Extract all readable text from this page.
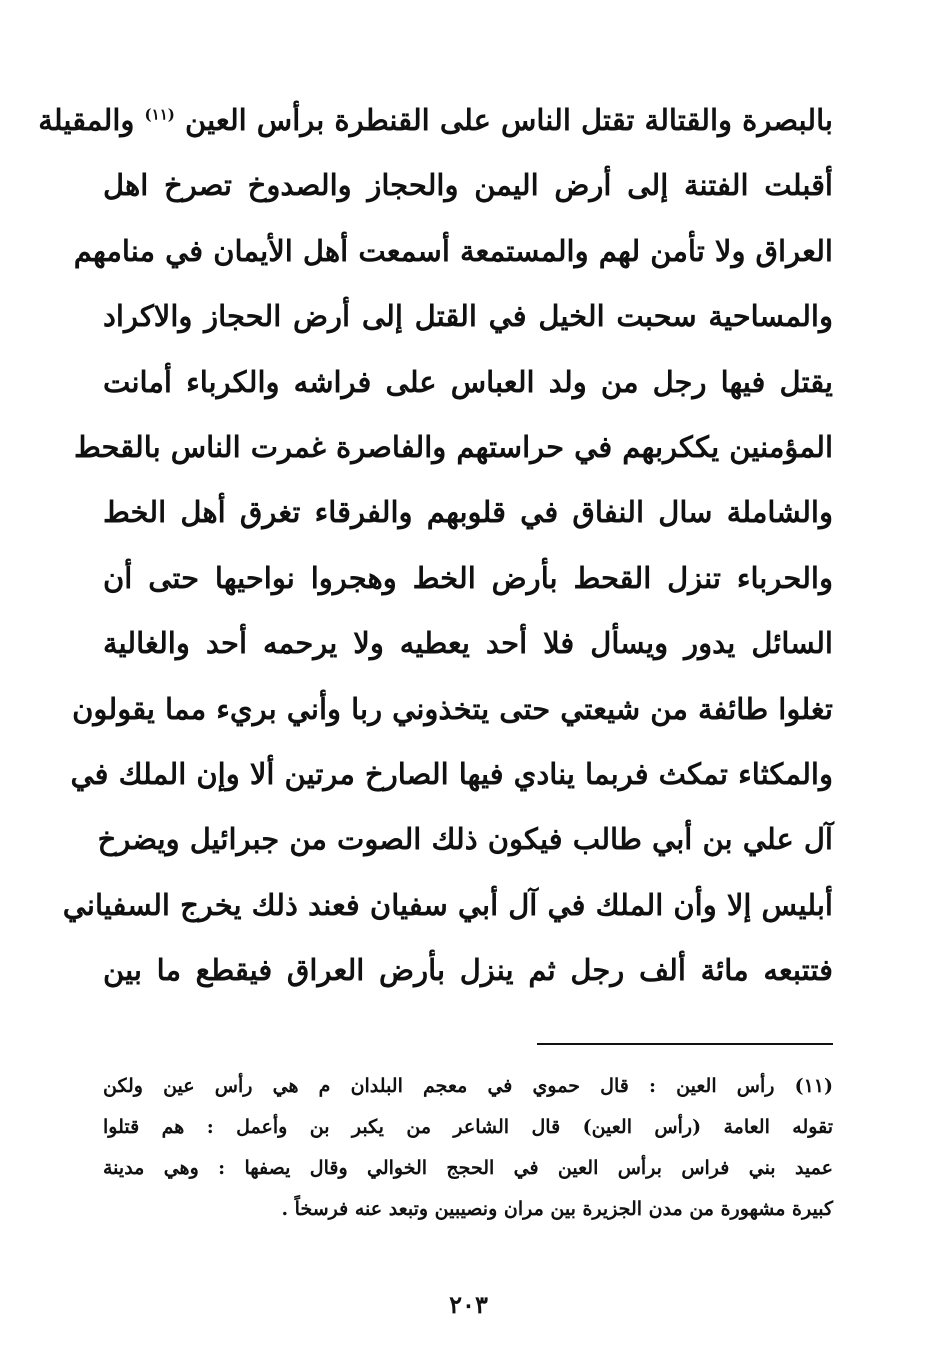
بالبصرة والقتالة تقتل الناس على القنطرة برأس العين $^{(١١)}$ والمقيلة
أقبلت الفتنة إلى أرض اليمن والحجاز والصدوخ تصرخ اهل
العراق ولا تأمن لهم والمستمعة أسمعت أهل الأيمان في منامهم
والمساحية سحبت الخيل في القتل إلى أرض الحجاز والاكراد
يقتل فيها رجل من ولد العباس على فراشه والكرباء أمانت
المؤمنين يككربهم في حراستهم والفاصرة غمرت الناس بالقحط
والشاملة سال النفاق في قلوبهم والفرقاء تغرق أهل الخط
والحرباء تنزل القحط بأرض الخط وهجروا نواحيها حتى أن
السائل يدور ويسأل فلا أحد يعطيه ولا يرحمه أحد والغالية
تغلوا طائفة من شيعتي حتى يتخذوني ربا وأني بريء مما يقولون
والمكثاء تمكث فربما ينادي فيها الصارخ مرتين ألا وإن الملك في
آل علي بن أبي طالب فيكون ذلك الصوت من جبرائيل ويضرخ
أبليس إلا وأن الملك في آل أبي سفيان فعند ذلك يخرج السفياني
فتتبعه مائة ألف رجل ثم ينزل بأرض العراق فيقطع ما بين
(١١) رأس العين : قال حموي في معجم البلدان م هي رأس عين ولكن
تقوله العامة (رأس العين) قال الشاعر من يكبر بن وأعمل : هم قتلوا
عميد بني فراس برأس العين في الحجج الخوالي وقال يصفها : وهي مدينة
كبيرة مشهورة من مدن الجزيرة بين مران ونصيبين وتبعد عنه فرسخاً .
٢٠٣
